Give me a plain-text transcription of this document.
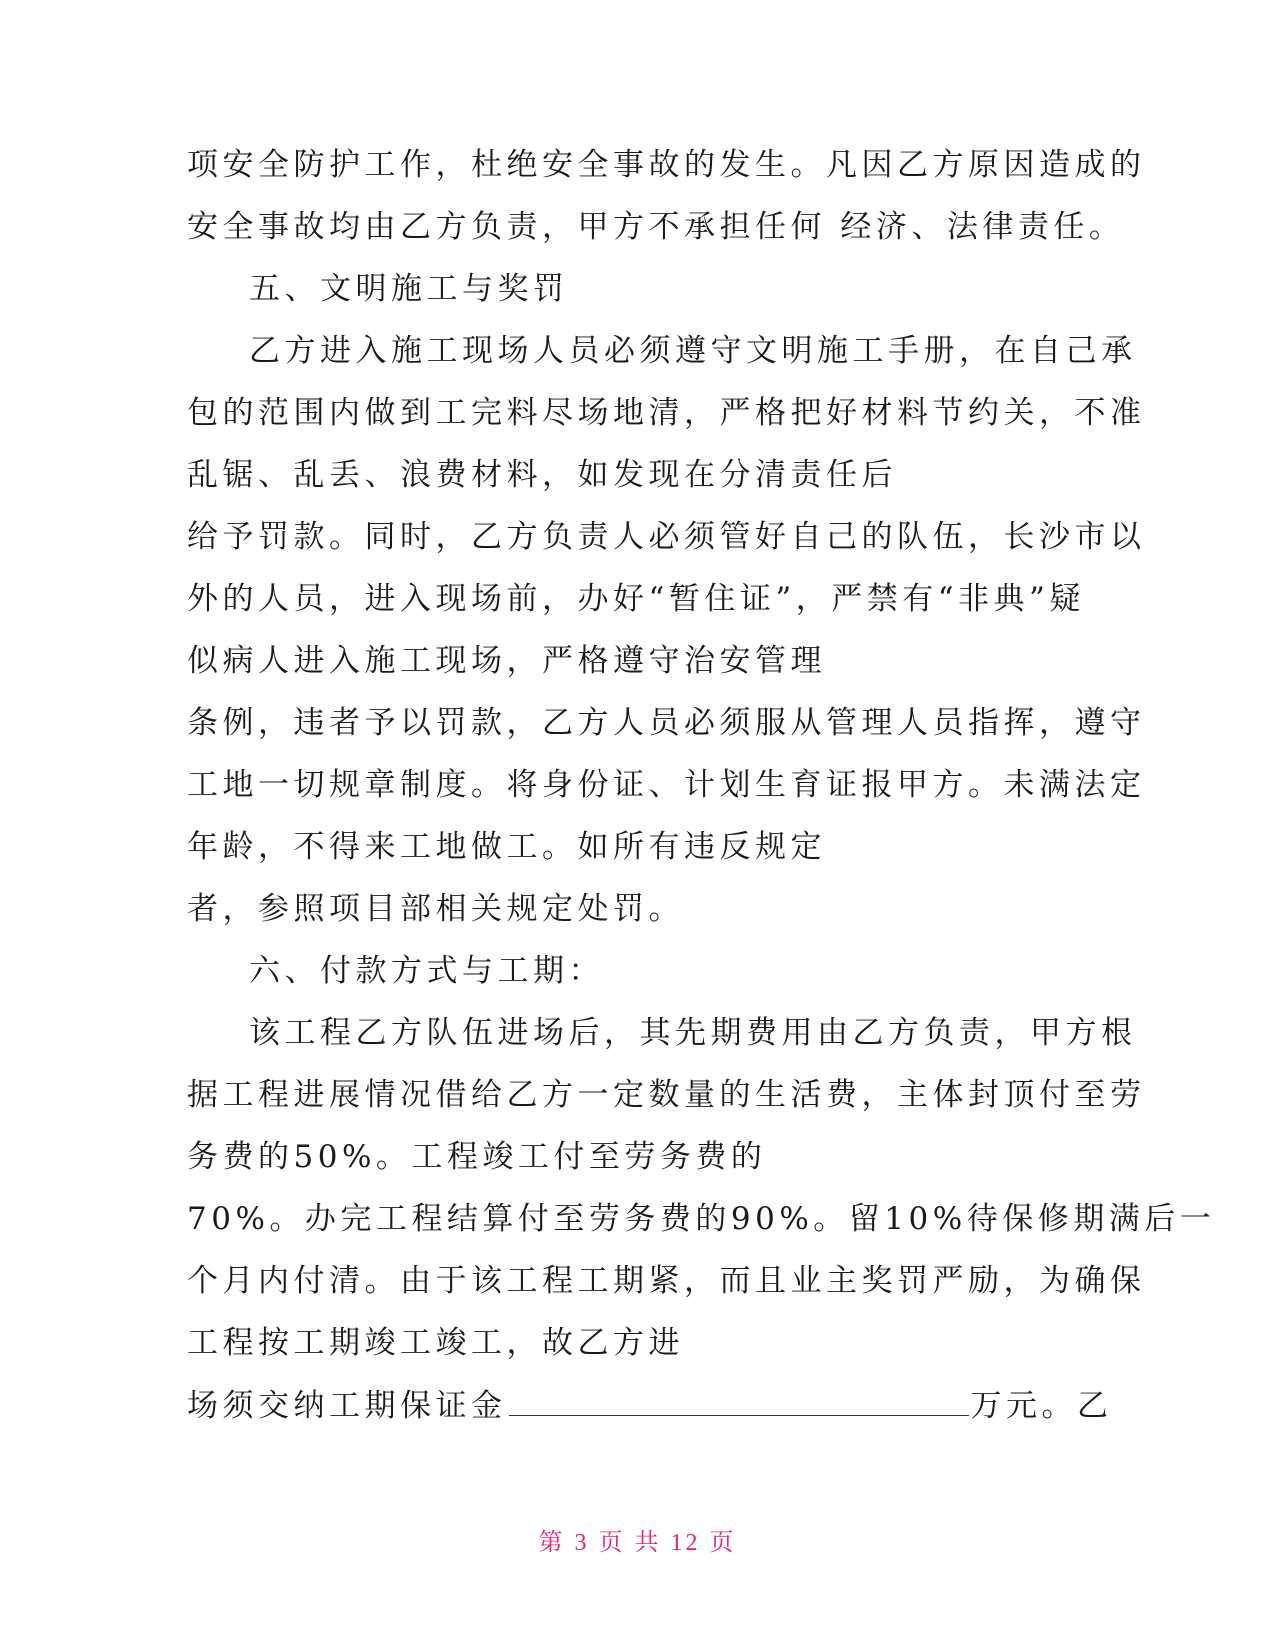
项安全防护工作，杜绝安全事故的发生。凡因乙方原因造成的
安全事故均由乙方负责，甲方不承担任何 经济、法律责任。
五、文明施工与奖罚
乙方进入施工现场人员必须遵守文明施工手册，在自己承
包的范围内做到工完料尽场地清，严格把好材料节约关，不准
乱锯、乱丢、浪费材料，如发现在分清责任后
给予罚款。同时，乙方负责人必须管好自己的队伍，长沙市以
外的人员，进入现场前，办好“暂住证”，严禁有“非典”疑
似病人进入施工现场，严格遵守治安管理
条例，违者予以罚款，乙方人员必须服从管理人员指挥，遵守
工地一切规章制度。将身份证、计划生育证报甲方。未满法定
年龄，不得来工地做工。如所有违反规定
者，参照项目部相关规定处罚。
六、付款方式与工期：
该工程乙方队伍进场后，其先期费用由乙方负责，甲方根
据工程进展情况借给乙方一定数量的生活费，主体封顶付至劳
务费的50%。工程竣工付至劳务费的
70%。办完工程结算付至劳务费的90%。留10%待保修期满后一
个月内付清。由于该工程工期紧，而且业主奖罚严励，为确保
工程按工期竣工竣工，故乙方进
场须交纳工期保证金	万元。乙
第 3 页 共 12 页
